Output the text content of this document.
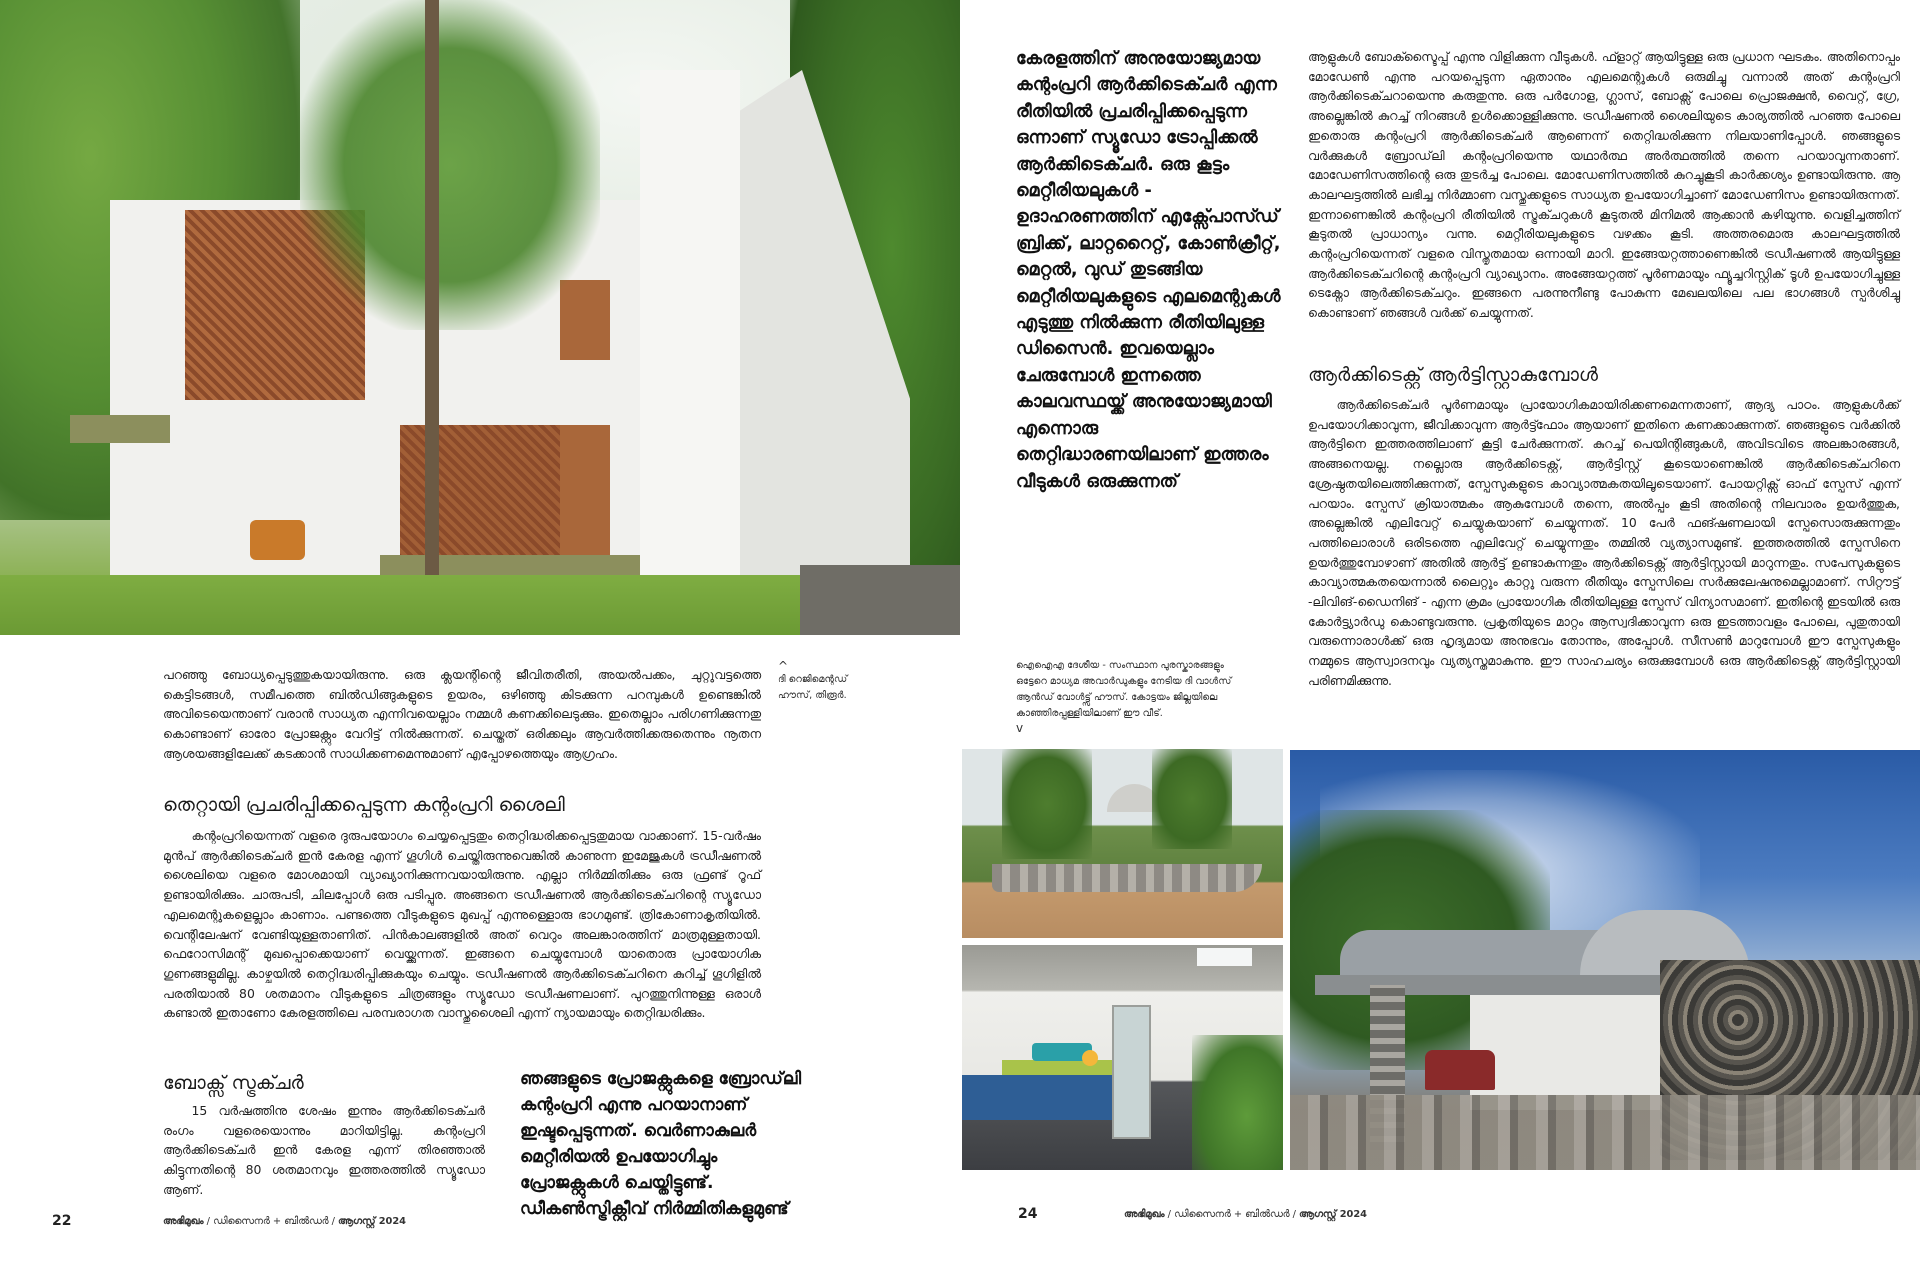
^
ദി റെജിമെന്റഡ്
ഹൗസ്, തിരൂർ.

പറഞ്ഞു ബോധ്യപ്പെടുത്തുകയായിരുന്നു. ഒരു ക്ലയന്റിന്റെ ജീവിതരീതി, അയൽപക്കം, ചുറ്റുവട്ടത്തെ കെട്ടിടങ്ങൾ, സമീപത്തെ ബിൽഡിങ്ങുകളുടെ ഉയരം, ഒഴിഞ്ഞു കിടക്കുന്ന പറമ്പുകൾ ഉണ്ടെങ്കിൽ അവിടെയെന്താണ് വരാൻ സാധ്യത എന്നിവയെല്ലാം നമ്മൾ കണക്കിലെടുക്കും. ഇതെല്ലാം പരിഗണിക്കുന്നതു കൊണ്ടാണ് ഓരോ പ്രോജക്റ്റും വേറിട്ട് നിൽക്കുന്നത്. ചെയ്തത് ഒരിക്കലും ആവർത്തിക്കരുതെന്നും നൂതന ആശയങ്ങളിലേക്ക് കടക്കാൻ സാധിക്കണമെന്നുമാണ് എപ്പോഴത്തെയും ആഗ്രഹം.

തെറ്റായി പ്രചരിപ്പിക്കപ്പെടുന്ന കന്റംപ്രറി ശൈലി

കന്റംപ്രറിയെന്നത് വളരെ ദുരുപയോഗം ചെയ്യപ്പെട്ടതും തെറ്റിദ്ധരിക്കപ്പെട്ടതുമായ വാക്കാണ്. 15-വർഷം മുൻപ് ആർക്കിടെക്ചർ ഇൻ കേരള എന്ന് ഗൂഗിൾ ചെയ്തിരുന്നുവെങ്കിൽ കാണുന്ന ഇമേജുകൾ ട്രഡീഷണൽ ശൈലിയെ വളരെ മോശമായി വ്യാഖ്യാനിക്കുന്നവയായിരുന്നു. എല്ലാ നിർമ്മിതിക്കും ഒരു ഫ്രണ്ട് റൂഫ് ഉണ്ടായിരിക്കും. ചാരുപടി, ചിലപ്പോൾ ഒരു പടിപ്പുര. അങ്ങനെ ട്രഡീഷണൽ ആർക്കിടെക്ചറിന്റെ സ്യൂഡോ എലമെന്റുകളെല്ലാം കാണാം. പണ്ടത്തെ വീടുകളുടെ മുഖപ്പ് എന്നുള്ളൊരു ഭാഗമുണ്ട്. ത്രികോണാകൃതിയിൽ. വെന്റിലേഷന് വേണ്ടിയുള്ളതാണിത്. പിൻകാലങ്ങളിൽ അത് വെറും അലങ്കാരത്തിന് മാത്രമുള്ളതായി. ഫെറോസിമന്റ് മുഖപ്പൊക്കെയാണ് വെയ്ക്കുന്നത്. ഇങ്ങനെ ചെയ്യുമ്പോൾ യാതൊരു പ്രായോഗിക ഗുണങ്ങളുമില്ല. കാഴ്ചയിൽ തെറ്റിദ്ധരിപ്പിക്കുകയും ചെയ്യും. ട്രഡീഷണൽ ആർക്കിടെക്ചറിനെ കുറിച്ച് ഗൂഗിളിൽ പരതിയാൽ 80 ശതമാനം വീടുകളുടെ ചിത്രങ്ങളും സ്യൂഡോ ട്രഡീഷണലാണ്. പുറത്തുനിന്നുള്ള ഒരാൾ കണ്ടാൽ ഇതാണോ കേരളത്തിലെ പരമ്പരാഗത വാസ്തുശൈലി എന്ന് ന്യായമായും തെറ്റിദ്ധരിക്കും.

ബോക്സ് സ്ട്രക്ചർ

15 വർഷത്തിനു ശേഷം ഇന്നും ആർക്കിടെക്ചർ രംഗം വളരെയൊന്നും മാറിയിട്ടില്ല. കന്റംപ്രറി ആർക്കിടെക്ചർ ഇൻ കേരള എന്ന് തിരഞ്ഞാൽ കിട്ടുന്നതിന്റെ 80 ശതമാനവും ഇത്തരത്തിൽ സ്യൂഡോ ആണ്.

ഞങ്ങളുടെ പ്രോജക്റ്റുകളെ ബ്രോഡ്‌ലി കന്റംപ്രറി എന്നു പറയാനാണ് ഇഷ്ടപ്പെടുന്നത്. വെർണാകുലർ മെറ്റീരിയൽ ഉപയോഗിച്ചും പ്രോജക്റ്റുകൾ ചെയ്തിട്ടുണ്ട്. ഡീകൺസ്ട്രിക്റ്റീവ് നിർമ്മിതികളുമുണ്ട്
22	അഭിമുഖം / ഡിസൈനർ + ബിൽഡർ / ആഗസ്റ്റ് 2024
കേരളത്തിന് അനുയോജ്യമായ കന്റംപ്രറി ആർക്കിടെക്ചർ എന്ന രീതിയിൽ പ്രചരിപ്പിക്കപ്പെടുന്ന ഒന്നാണ് സ്യൂഡോ ട്രോപ്പിക്കൽ ആർക്കിടെക്ചർ. ഒരു കൂട്ടം മെറ്റീരിയലുകൾ - ഉദാഹരണത്തിന് എക്സ്പോസ്ഡ് ബ്രിക്ക്, ലാറ്ററൈറ്റ്, കോൺക്രീറ്റ്, മെറ്റൽ, വുഡ് തുടങ്ങിയ മെറ്റീരിയലുകളുടെ എലമെന്റുകൾ എടുത്തു നിൽക്കുന്ന രീതിയിലുള്ള ഡിസൈൻ. ഇവയെല്ലാം ചേരുമ്പോൾ ഇന്നത്തെ കാലവസ്ഥയ്ക്ക് അനുയോജ്യമായി എന്നൊരു തെറ്റിദ്ധാരണയിലാണ് ഇത്തരം വീടുകൾ ഒരുക്കുന്നത്

ആളുകൾ ബോക്സ്ടൈപ്പ് എന്നു വിളിക്കുന്ന വീടുകൾ. ഫ്ളാറ്റ് ആയിട്ടുള്ള ഒരു പ്രധാന ഘടകം. അതിനൊപ്പം മോഡേൺ എന്നു പറയപ്പെടുന്ന ഏതാനും എലമെന്റുകൾ ഒരുമിച്ചു വന്നാൽ അത് കന്റംപ്രറി ആർക്കിടെക്ചറായെന്നു കരുതുന്നു. ഒരു പർഗോള, ഗ്ലാസ്, ബോക്സ് പോലെ പ്രൊജക്ഷൻ, വൈറ്റ്, ഗ്രേ, അല്ലെങ്കിൽ കുറച്ച് നിറങ്ങൾ ഉൾക്കൊള്ളിക്കുന്നു. ട്രഡീഷണൽ ശൈലിയുടെ കാര്യത്തിൽ പറഞ്ഞ പോലെ ഇതൊരു കന്റംപ്രറി ആർക്കിടെക്ചർ ആണെന്ന് തെറ്റിദ്ധരിക്കുന്ന നിലയാണിപ്പോൾ. ഞങ്ങളുടെ വർക്കുകൾ ബ്രോഡ്‌ലി കന്റംപ്രറിയെന്നു യഥാർത്ഥ അർത്ഥത്തിൽ തന്നെ പറയാവുന്നതാണ്. മോഡേണിസത്തിന്റെ ഒരു തുടർച്ച പോലെ. മോഡേണിസത്തിൽ കുറച്ചുകൂടി കാർക്കശ്യം ഉണ്ടായിരുന്നു. ആ കാലഘട്ടത്തിൽ ലഭിച്ച നിർമ്മാണ വസ്തുക്കളുടെ സാധ്യത ഉപയോഗിച്ചാണ് മോഡേണിസം ഉണ്ടായിരുന്നത്. ഇന്നാണെങ്കിൽ കന്റംപ്രറി രീതിയിൽ സ്ട്രക്ചറുകൾ കൂടുതൽ മിനിമൽ ആക്കാൻ കഴിയുന്നു. വെളിച്ചത്തിന് കൂടുതൽ പ്രാധാന്യം വന്നു. മെറ്റീരിയലുകളുടെ വഴക്കം കൂടി. അത്തരമൊരു കാലഘട്ടത്തിൽ കന്റംപ്രറിയെന്നത് വളരെ വിസ്തൃതമായ ഒന്നായി മാറി. ഇങ്ങേയറ്റത്താണെങ്കിൽ ട്രഡീഷണൽ ആയിട്ടുള്ള ആർക്കിടെക്ചറിന്റെ കന്റംപ്രറി വ്യാഖ്യാനം. അങ്ങേയറ്റത്ത് പൂർണമായും ഫ്യൂച്ചറിസ്റ്റിക് ടൂൾ ഉപയോഗിച്ചുള്ള ടെക്നോ ആർക്കിടെക്ചറും. ഇങ്ങനെ പരന്നുനീണ്ടു പോകുന്ന മേഖലയിലെ പല ഭാഗങ്ങൾ സ്പർശിച്ചു കൊണ്ടാണ് ഞങ്ങൾ വർക്ക് ചെയ്യുന്നത്.

ആർക്കിടെക്റ്റ് ആർട്ടിസ്റ്റാകുമ്പോൾ

ആർക്കിടെക്ചർ പൂർണമായും പ്രായോഗികമായിരിക്കണമെന്നതാണ്, ആദ്യ പാഠം. ആളുകൾക്ക് ഉപയോഗിക്കാവുന്ന, ജീവിക്കാവുന്ന ആർട്ട്ഫോം ആയാണ് ഇതിനെ കണക്കാക്കുന്നത്. ഞങ്ങളുടെ വർക്കിൽ ആർട്ടിനെ ഇത്തരത്തിലാണ് കൂട്ടി ചേർക്കുന്നത്. കുറച്ച് പെയിന്റിങ്ങുകൾ, അവിടവിടെ അലങ്കാരങ്ങൾ, അങ്ങനെയല്ല. നല്ലൊരു ആർക്കിടെക്റ്റ്, ആർട്ടിസ്റ്റ് കൂടെയാണെങ്കിൽ ആർക്കിടെക്ചറിനെ ശ്രേഷ്ഠതയിലെത്തിക്കുന്നത്, സ്പേസുകളുടെ കാവ്യാത്മകതയിലൂടെയാണ്. പോയറ്റിക്സ് ഓഫ് സ്പേസ് എന്ന് പറയാം. സ്പേസ് ക്രിയാത്മകം ആകുമ്പോൾ തന്നെ, അൽപ്പം കൂടി അതിന്റെ നിലവാരം ഉയർത്തുക, അല്ലെങ്കിൽ എലിവേറ്റ് ചെയ്യുകയാണ് ചെയ്യുന്നത്. 10 പേർ ഫങ്ഷണലായി സ്പേസൊരുക്കുന്നതും പത്തിലൊരാൾ ഒരിടത്തെ എലിവേറ്റ് ചെയ്യുന്നതും തമ്മിൽ വ്യത്യാസമുണ്ട്. ഇത്തരത്തിൽ സ്പേസിനെ ഉയർത്തുമ്പോഴാണ് അതിൽ ആർട്ട് ഉണ്ടാകുന്നതും ആർക്കിടെക്റ്റ് ആർട്ടിസ്റ്റായി മാറുന്നതും. സപേസുകളുടെ കാവ്യാത്മകതയെന്നാൽ ലൈറ്റും കാറ്റു വരുന്ന രീതിയും സ്പേസിലെ സർക്കുലേഷനുമെല്ലാമാണ്. സിറ്റൗട്ട് -ലിവിങ്-ഡൈനിങ് - എന്ന ക്രമം പ്രായോഗിക രീതിയിലുള്ള സ്പേസ് വിന്യാസമാണ്. ഇതിന്റെ ഇടയിൽ ഒരു കോർട്ട്യാർഡു കൊണ്ടുവരുന്നു. പ്രകൃതിയുടെ മാറ്റം ആസ്വദിക്കാവുന്ന ഒരു ഇടത്താവളം പോലെ, പുതുതായി വരുന്നൊരാൾക്ക് ഒരു ഹൃദ്യമായ അനുഭവം തോന്നും, അപ്പോൾ. സീസൺ മാറുമ്പോൾ ഈ സ്പേസുകളും നമ്മുടെ ആസ്വാദനവും വ്യത്യസ്തമാകുന്നു. ഈ സാഹചര്യം ഒരുക്കുമ്പോൾ ഒരു ആർക്കിടെക്റ്റ് ആർട്ടിസ്റ്റായി പരിണമിക്കുന്നു.

ഐഐഎ ദേശീയ - സംസ്ഥാന പുരസ്കാരങ്ങളും
ഒട്ടേറെ മാധ്യമ അവാർഡുകളും നേടിയ ദി വാൾസ്
ആൻഡ് വോൾട്ട്സ് ഹൗസ്. കോട്ടയം ജില്ലയിലെ
കാഞ്ഞിരപ്പള്ളിയിലാണ് ഈ വീട്.
v
24	അഭിമുഖം / ഡിസൈനർ + ബിൽഡർ / ആഗസ്റ്റ് 2024
